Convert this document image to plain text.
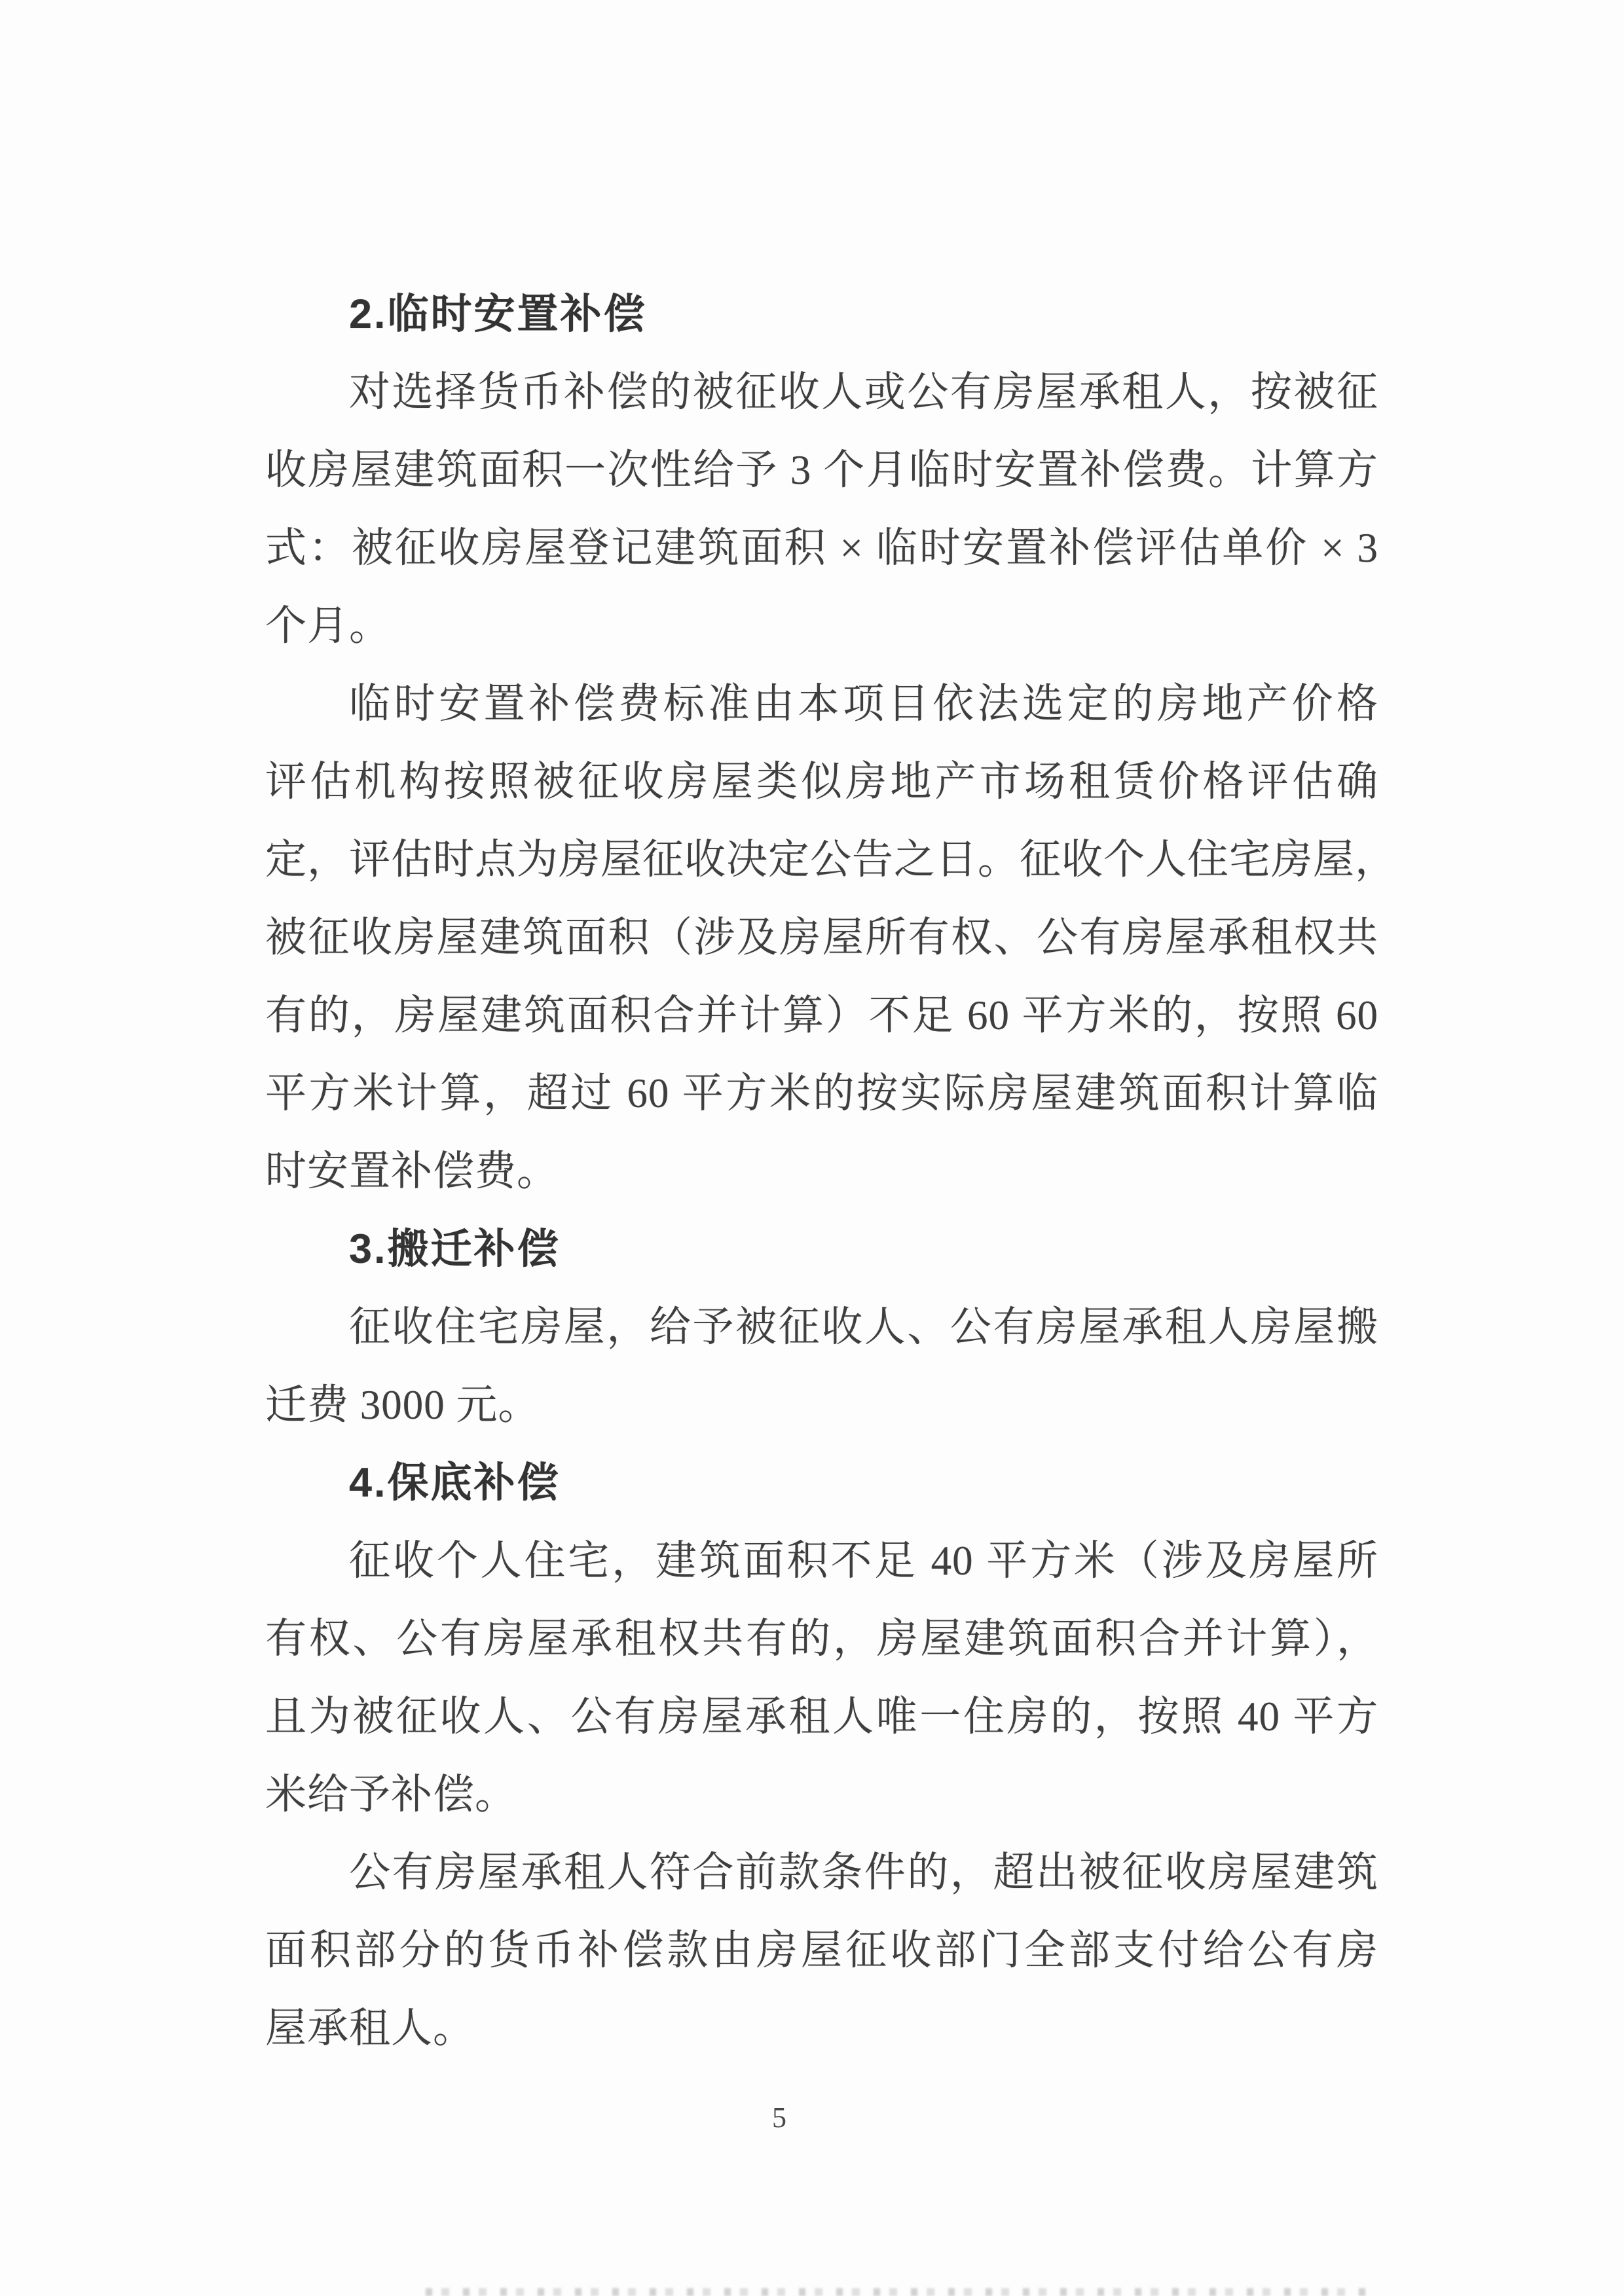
2.临时安置补偿
对选择货币补偿的被征收人或公有房屋承租人，按被征
收房屋建筑面积一次性给予 3 个月临时安置补偿费。计算方
式：被征收房屋登记建筑面积 × 临时安置补偿评估单价 × 3
个月。
临时安置补偿费标准由本项目依法选定的房地产价格
评估机构按照被征收房屋类似房地产市场租赁价格评估确
定，评估时点为房屋征收决定公告之日。征收个人住宅房屋，
被征收房屋建筑面积（涉及房屋所有权、公有房屋承租权共
有的，房屋建筑面积合并计算）不足 60 平方米的，按照 60
平方米计算，超过 60 平方米的按实际房屋建筑面积计算临
时安置补偿费。
3.搬迁补偿
征收住宅房屋，给予被征收人、公有房屋承租人房屋搬
迁费 3000 元。
4.保底补偿
征收个人住宅，建筑面积不足 40 平方米（涉及房屋所
有权、公有房屋承租权共有的，房屋建筑面积合并计算），
且为被征收人、公有房屋承租人唯一住房的，按照 40 平方
米给予补偿。
公有房屋承租人符合前款条件的，超出被征收房屋建筑
面积部分的货币补偿款由房屋征收部门全部支付给公有房
屋承租人。
5
